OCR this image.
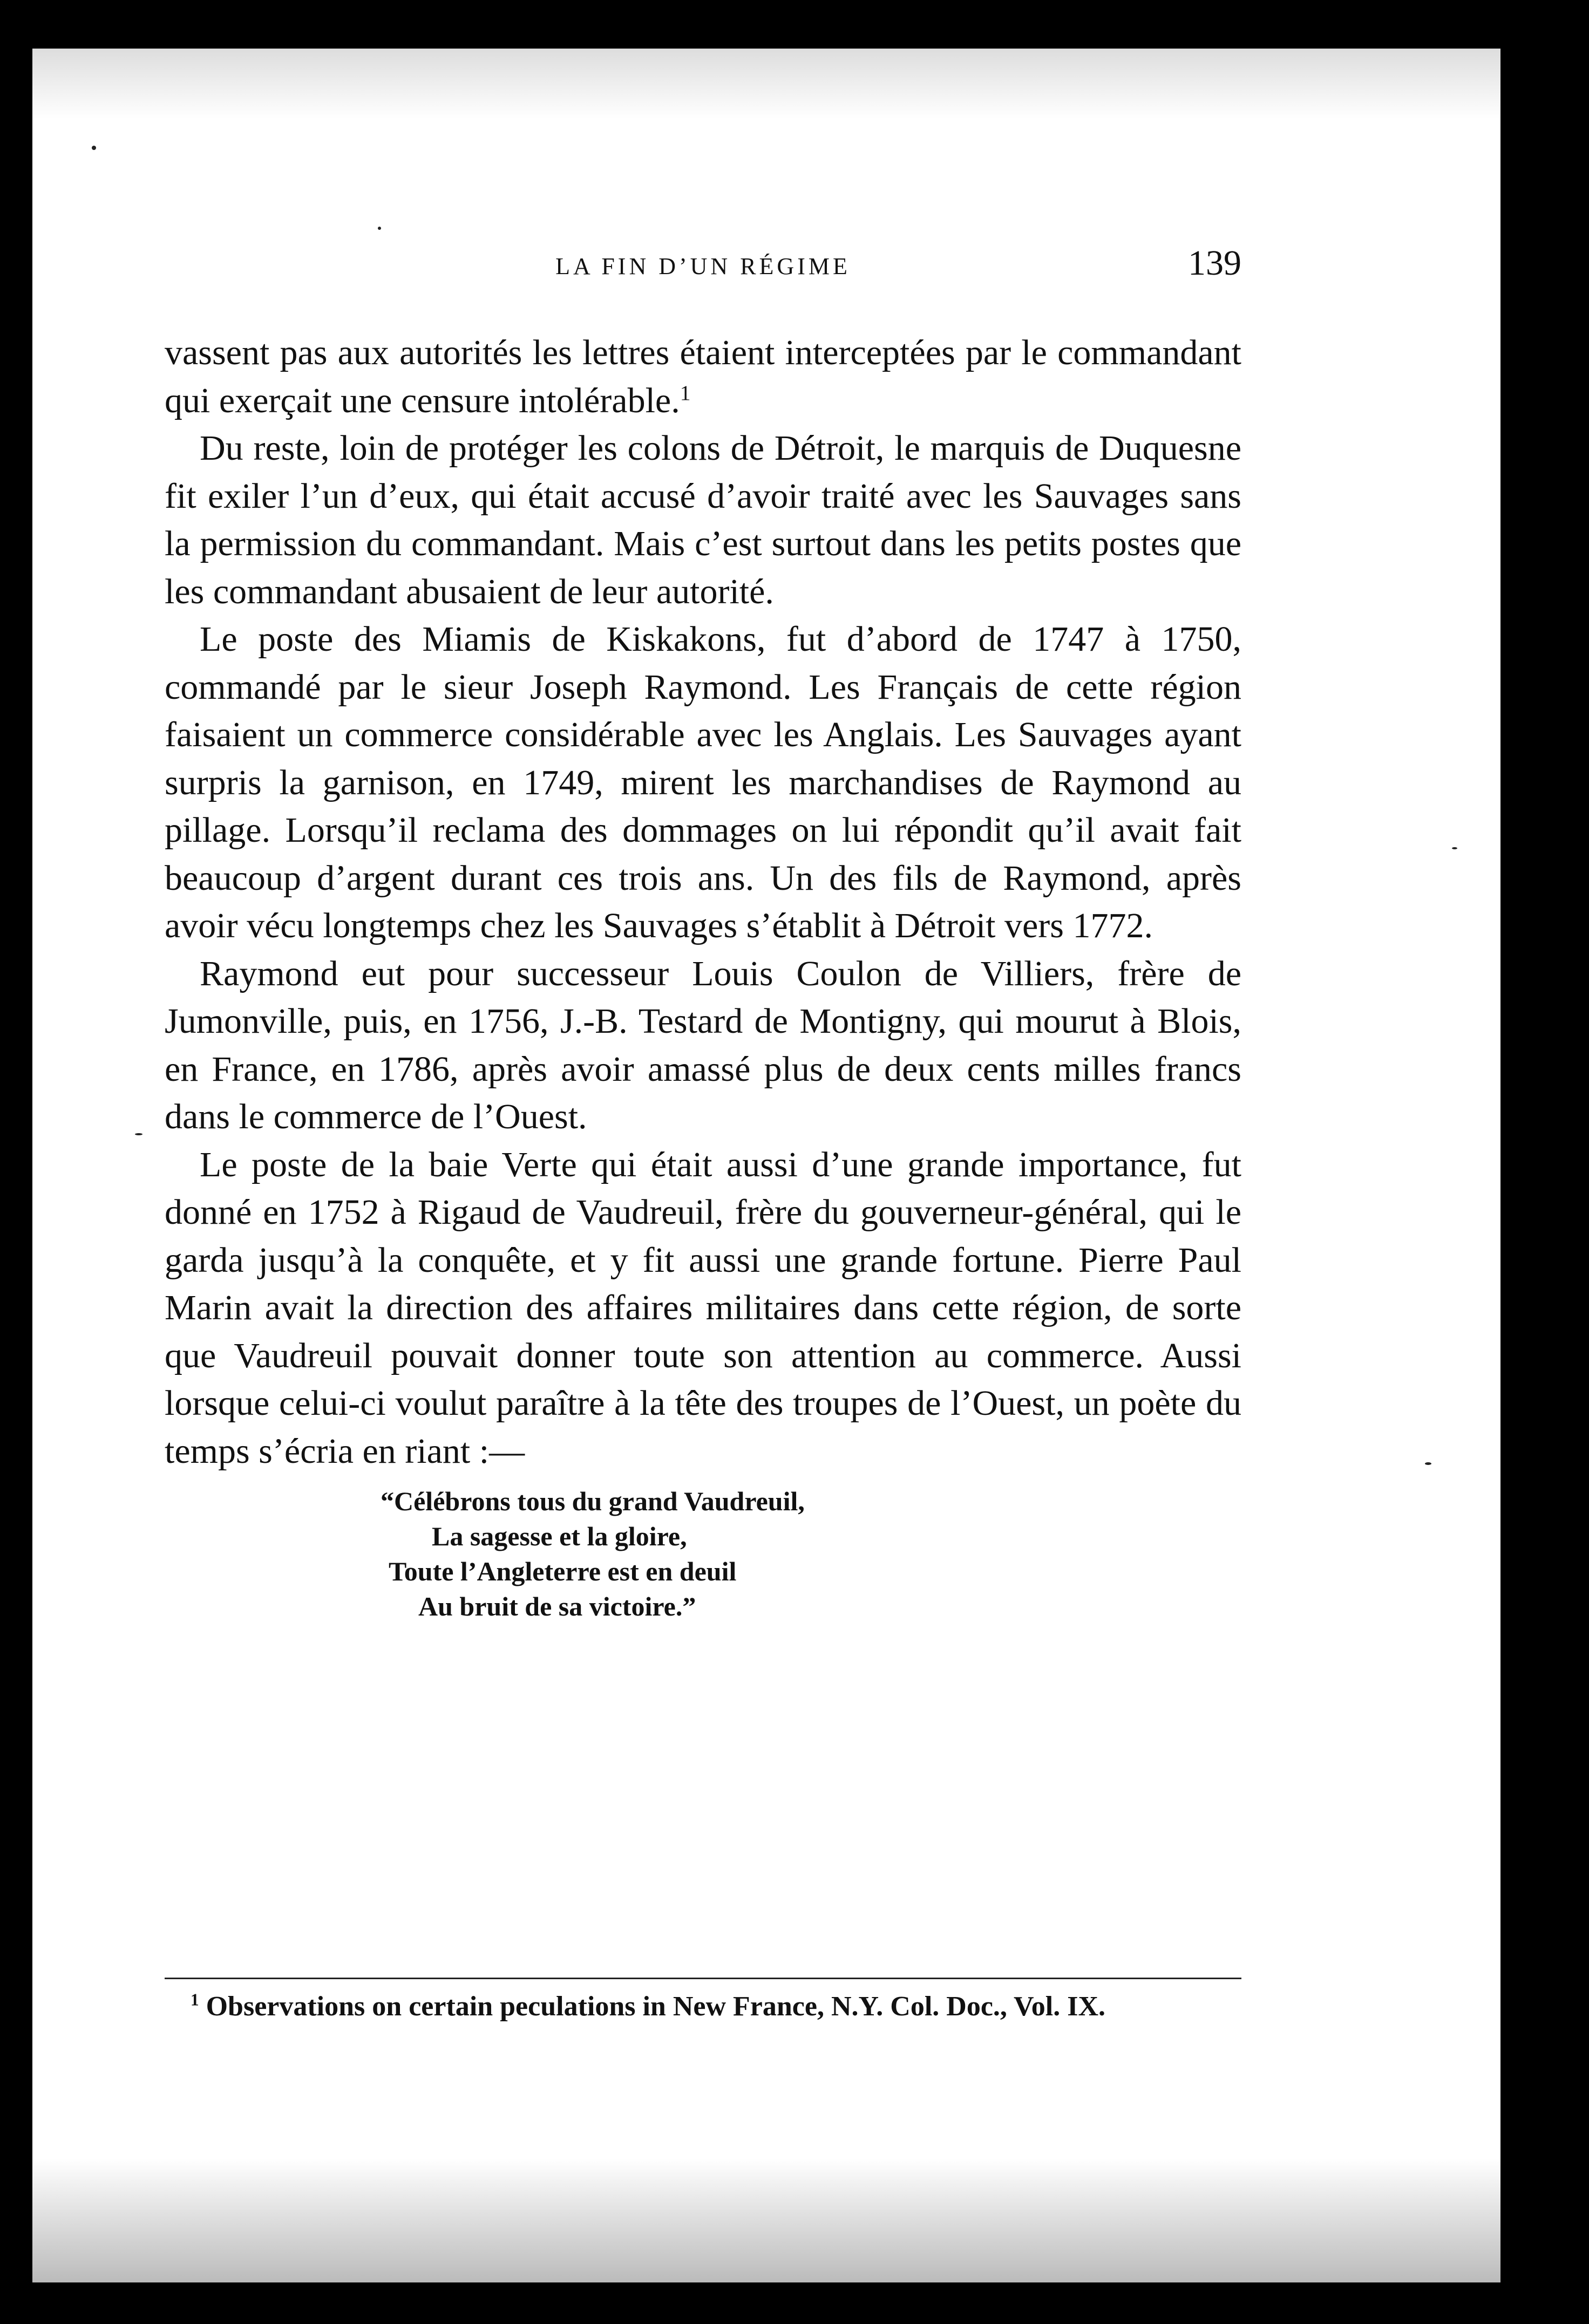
LA FIN D’UN RÉGIME	139

vassent pas aux autorités les lettres étaient interceptées par le commandant qui exerçait une censure intolérable.$^1$

Du reste, loin de protéger les colons de Détroit, le marquis de Duquesne fit exiler l’un d’eux, qui était accusé d’avoir traité avec les Sauvages sans la permission du commandant. Mais c’est surtout dans les petits postes que les commandant abusaient de leur autorité.

Le poste des Miamis de Kiskakons, fut d’abord de 1747 à 1750, commandé par le sieur Joseph Raymond. Les Français de cette région faisaient un commerce considérable avec les Anglais. Les Sauvages ayant surpris la garnison, en 1749, mirent les marchandises de Raymond au pillage. Lorsqu’il reclama des dommages on lui répondit qu’il avait fait beaucoup d’argent durant ces trois ans. Un des fils de Raymond, après avoir vécu longtemps chez les Sauvages s’établit à Détroit vers 1772.

Raymond eut pour successeur Louis Coulon de Villiers, frère de Jumonville, puis, en 1756, J.-B. Testard de Montigny, qui mourut à Blois, en France, en 1786, après avoir amassé plus de deux cents milles francs dans le commerce de l’Ouest.

Le poste de la baie Verte qui était aussi d’une grande importance, fut donné en 1752 à Rigaud de Vaudreuil, frère du gouverneur-général, qui le garda jusqu’à la conquête, et y fit aussi une grande fortune. Pierre Paul Marin avait la direction des affaires militaires dans cette région, de sorte que Vaudreuil pouvait donner toute son attention au commerce. Aussi lorsque celui-ci voulut paraître à la tête des troupes de l’Ouest, un poète du temps s’écria en riant :—

“Célébrons tous du grand Vaudreuil,
La sagesse et la gloire,
Toute l’Angleterre est en deuil
Au bruit de sa victoire.”
$^1$ Observations on certain peculations in New France, N.Y. Col. Doc., Vol. IX.
